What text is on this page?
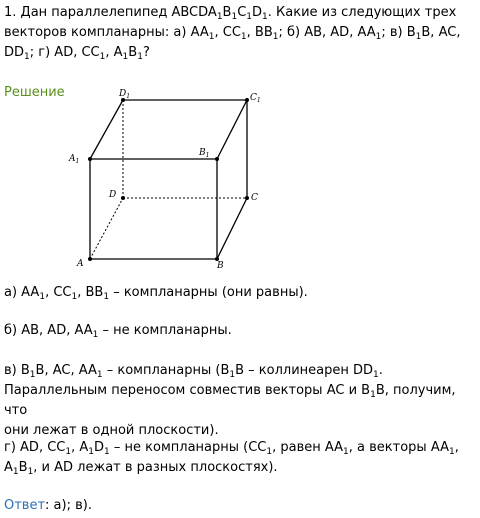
1. Дан параллелепипед $ABCDA_1B_1C_1D_1$. Какие из следующих трех
векторов компланарны: а) $AA_1$, $CC_1$, $BB_1$; б) AB, AD, $AA_1$; в) $B_1B$, AC,
$DD_1$; г) AD, $CC_1$, $A_1B_1$?
Решение	$D_1$	$C_1$
$A_1$
$B_1$
D	C
A	B
а) $AA_1$, $CC_1$, $BB_1$ – компланарны (они равны).
б) AB, AD, $AA_1$ – не компланарны.
в) $B_1B$, AC, $AA_1$ – компланарны ($B_1B$ – коллинеарен $DD_1$.
Параллельным переносом совместив векторы AC и $B_1B$, получим, что
они лежат в одной плоскости).
г) AD, $CC_1$, $A_1D_1$ – не компланарны ($CC_1$, равен $AA_1$, а векторы $AA_1$,
$A_1B_1$, и AD лежат в разных плоскостях).
Ответ: а); в).
